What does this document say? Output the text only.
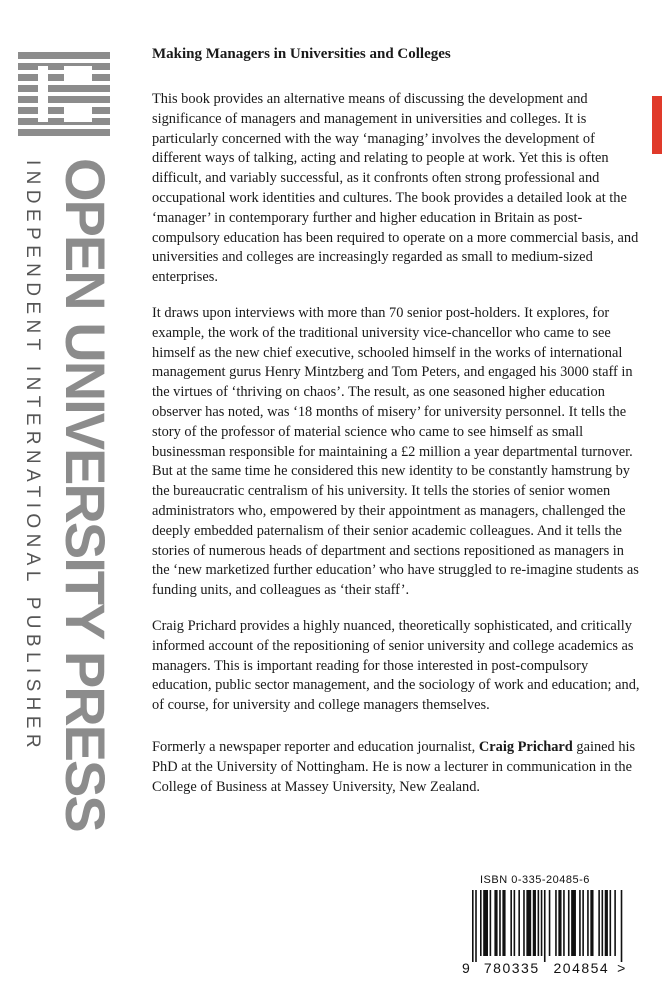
OPEN UNIVERSITY PRESS
INDEPENDENT INTERNATIONAL PUBLISHER
Making Managers in Universities and Colleges

This book provides an alternative means of discussing the development and significance of managers and management in universities and colleges. It is particularly concerned with the way ‘managing’ involves the development of different ways of talking, acting and relating to people at work. Yet this is often difficult, and variably successful, as it confronts often strong professional and occupational work identities and cultures. The book provides a detailed look at the ‘manager’ in contemporary further and higher education in Britain as post-compulsory education has been required to operate on a more commercial basis, and universities and colleges are increasingly regarded as small to medium-sized enterprises.

It draws upon interviews with more than 70 senior post-holders. It explores, for example, the work of the traditional university vice-chancellor who came to see himself as the new chief executive, schooled himself in the works of international management gurus Henry Mintzberg and Tom Peters, and engaged his 3000 staff in the virtues of ‘thriving on chaos’. The result, as one seasoned higher education observer has noted, was ‘18 months of misery’ for university personnel. It tells the story of the professor of material science who came to see himself as small businessman responsible for maintaining a £2 million a year departmental turnover. But at the same time he considered this new identity to be constantly hamstrung by the bureaucratic centralism of his university. It tells the stories of senior women administrators who, empowered by their appointment as managers, challenged the deeply embedded paternalism of their senior academic colleagues. And it tells the stories of numerous heads of department and sections repositioned as managers in the ‘new marketized further education’ who have struggled to re-imagine students as funding units, and colleagues as ‘their staff’.

Craig Prichard provides a highly nuanced, theoretically sophisticated, and critically informed account of the repositioning of senior university and college academics as managers. This is important reading for those interested in post-compulsory education, public sector management, and the sociology of work and education; and, of course, for university and college managers themselves.

Formerly a newspaper reporter and education journalist, Craig Prichard gained his PhD at the University of Nottingham. He is now a lecturer in communication in the College of Business at Massey University, New Zealand.

ISBN 0-335-20485-6
9 780335 204854 >
